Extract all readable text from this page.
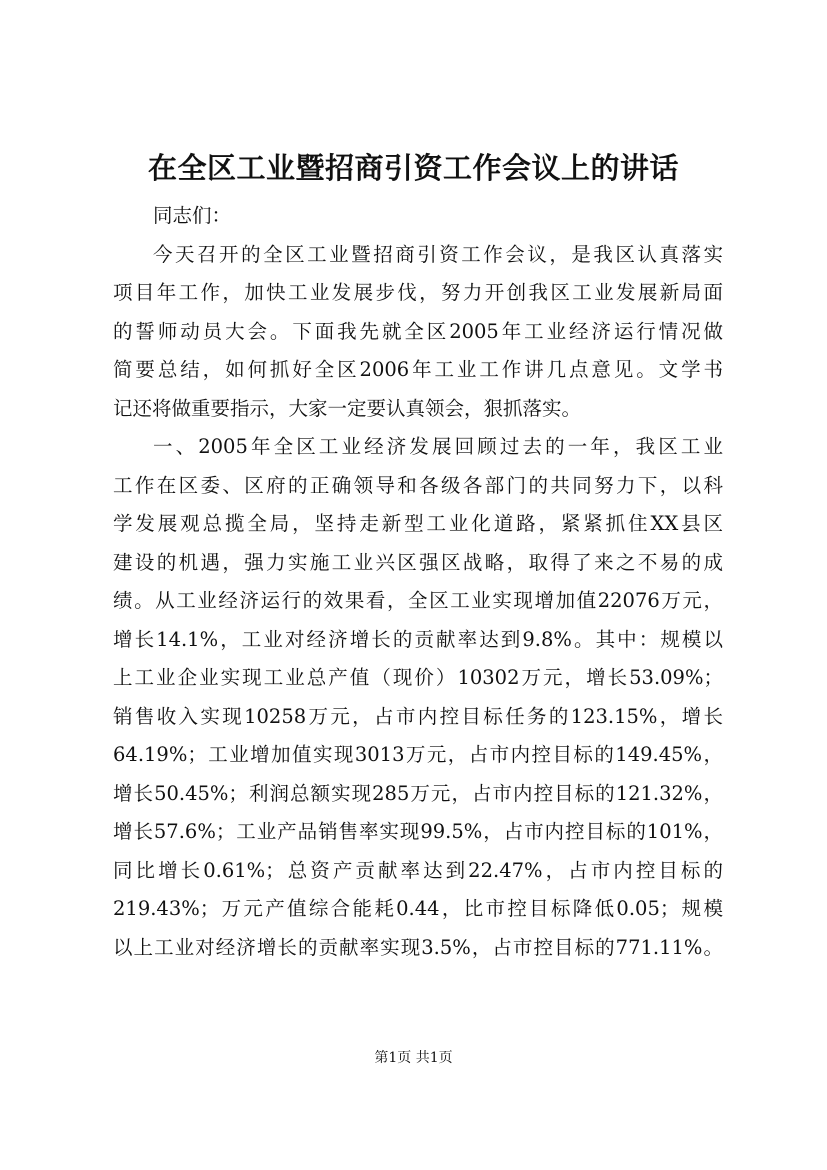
在全区工业暨招商引资工作会议上的讲话
同志们：
今天召开的全区工业暨招商引资工作会议，是我区认真落实
项目年工作，加快工业发展步伐，努力开创我区工业发展新局面
的誓师动员大会。下面我先就全区2005年工业经济运行情况做
简要总结，如何抓好全区2006年工业工作讲几点意见。文学书
记还将做重要指示，大家一定要认真领会，狠抓落实。
一、2005年全区工业经济发展回顾过去的一年，我区工业
工作在区委、区府的正确领导和各级各部门的共同努力下，以科
学发展观总揽全局，坚持走新型工业化道路，紧紧抓住XX县区
建设的机遇，强力实施工业兴区强区战略，取得了来之不易的成
绩。从工业经济运行的效果看，全区工业实现增加值22076万元，
增长14.1%，工业对经济增长的贡献率达到9.8%。其中：规模以
上工业企业实现工业总产值（现价）10302万元，增长53.09%；
销售收入实现10258万元，占市内控目标任务的123.15%，增长
64.19%；工业增加值实现3013万元，占市内控目标的149.45%，
增长50.45%；利润总额实现285万元，占市内控目标的121.32%，
增长57.6%；工业产品销售率实现99.5%，占市内控目标的101%，
同比增长0.61%；总资产贡献率达到22.47%，占市内控目标的
219.43%；万元产值综合能耗0.44，比市控目标降低0.05；规模
以上工业对经济增长的贡献率实现3.5%，占市控目标的771.11%。
第1页 共1页
